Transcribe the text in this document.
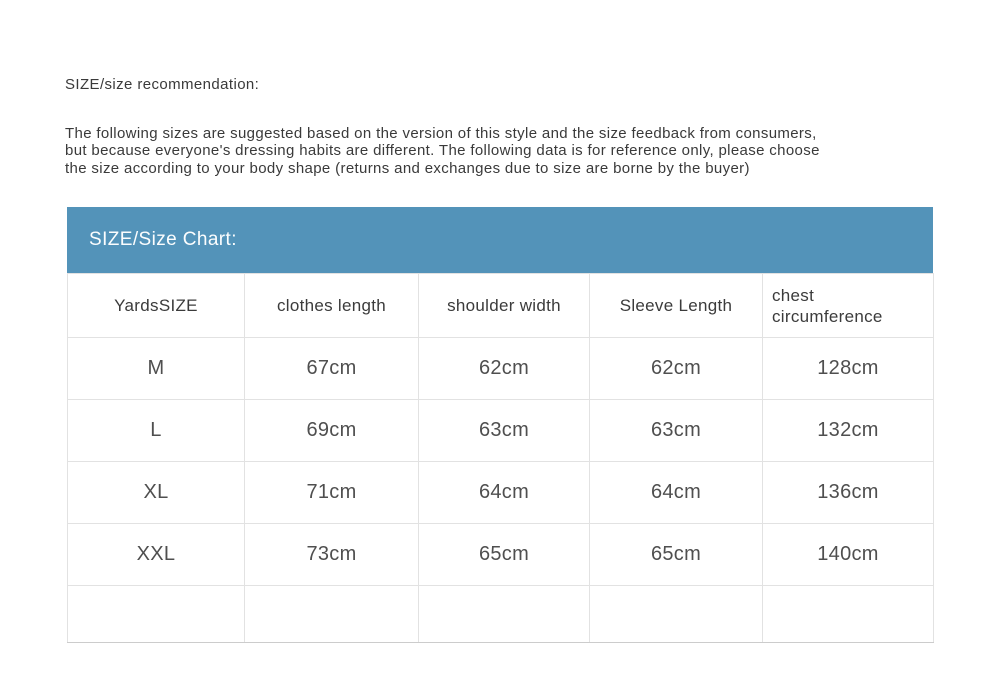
SIZE/size recommendation:
The following sizes are suggested based on the version of this style and the size feedback from consumers,
but because everyone's dressing habits are different. The following data is for reference only, please choose
the size according to your body shape (returns and exchanges due to size are borne by the buyer)
SIZE/Size Chart:
YardsSIZE	clothes length	shoulder width	Sleeve Length	chest circumference
M	67cm	62cm	62cm	128cm
L	69cm	63cm	63cm	132cm
XL	71cm	64cm	64cm	136cm
XXL	73cm	65cm	65cm	140cm
